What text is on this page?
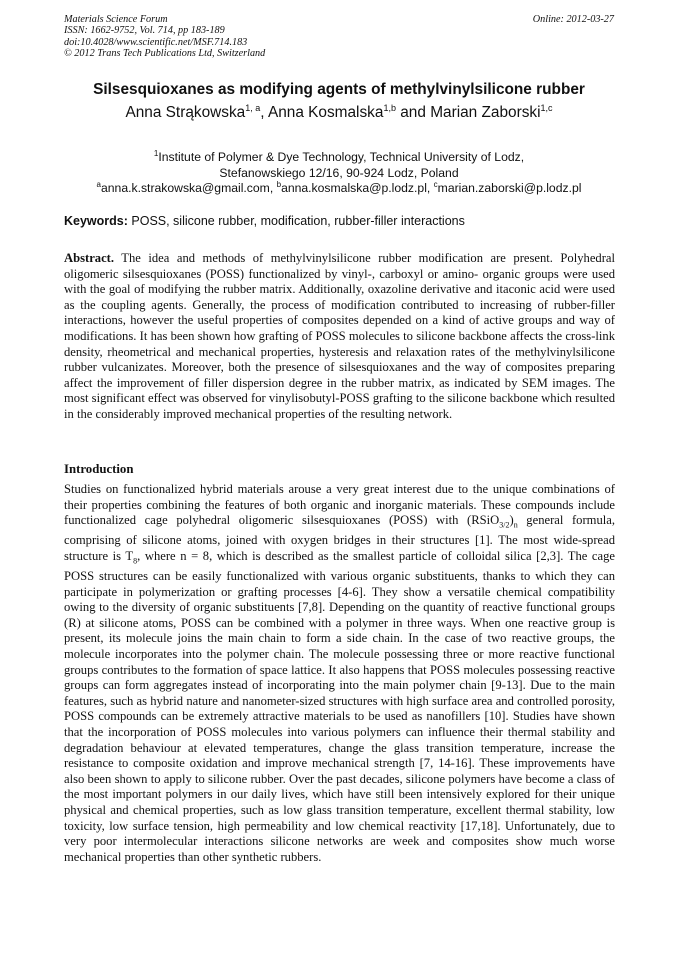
Materials Science Forum
ISSN: 1662-9752, Vol. 714, pp 183-189
doi:10.4028/www.scientific.net/MSF.714.183
© 2012 Trans Tech Publications Ltd, Switzerland
Online: 2012-03-27
Silsesquioxanes as modifying agents of methylvinylsilicone rubber
Anna Strąkowska$^{1, a}$, Anna Kosmalska$^{1,b}$ and Marian Zaborski$^{1,c}$
$^1$Institute of Polymer & Dye Technology, Technical University of Lodz,
Stefanowskiego 12/16, 90-924 Lodz, Poland
$^a$anna.k.strakowska@gmail.com, $^b$anna.kosmalska@p.lodz.pl, $^c$marian.zaborski@p.lodz.pl
Keywords: POSS, silicone rubber, modification, rubber-filler interactions
Abstract. The idea and methods of methylvinylsilicone rubber modification are present. Polyhedral oligomeric silsesquioxanes (POSS) functionalized by vinyl-, carboxyl or amino- organic groups were used with the goal of modifying the rubber matrix. Additionally, oxazoline derivative and itaconic acid were used as the coupling agents. Generally, the process of modification contributed to increasing of rubber-filler interactions, however the useful properties of composites depended on a kind of active groups and way of modifications. It has been shown how grafting of POSS molecules to silicone backbone affects the cross-link density, rheometrical and mechanical properties, hysteresis and relaxation rates of the methylvinylsilicone rubber vulcanizates. Moreover, both the presence of silsesquioxanes and the way of composites preparing affect the improvement of filler dispersion degree in the rubber matrix, as indicated by SEM images. The most significant effect was observed for vinylisobutyl-POSS grafting to the silicone backbone which resulted in the considerably improved mechanical properties of the resulting network.
Introduction
Studies on functionalized hybrid materials arouse a very great interest due to the unique combinations of their properties combining the features of both organic and inorganic materials. These compounds include functionalized cage polyhedral oligomeric silsesquioxanes (POSS) with $(RSiO_{3/2})_n$ general formula, comprising of silicone atoms, joined with oxygen bridges in their structures [1]. The most wide-spread structure is $T_8$, where n = 8, which is described as the smallest particle of colloidal silica [2,3]. The cage POSS structures can be easily functionalized with various organic substituents, thanks to which they can participate in polymerization or grafting processes [4-6]. They show a versatile chemical compatibility owing to the diversity of organic substituents [7,8]. Depending on the quantity of reactive functional groups (R) at silicone atoms, POSS can be combined with a polymer in three ways. When one reactive group is present, its molecule joins the main chain to form a side chain. In the case of two reactive groups, the molecule incorporates into the polymer chain. The molecule possessing three or more reactive functional groups contributes to the formation of space lattice. It also happens that POSS molecules possessing reactive groups can form aggregates instead of incorporating into the main polymer chain [9-13]. Due to the main features, such as hybrid nature and nanometer-sized structures with high surface area and controlled porosity, POSS compounds can be extremely attractive materials to be used as nanofillers [10]. Studies have shown that the incorporation of POSS molecules into various polymers can influence their thermal stability and degradation behaviour at elevated temperatures, change the glass transition temperature, increase the resistance to composite oxidation and improve mechanical strength [7, 14-16]. These improvements have also been shown to apply to silicone rubber. Over the past decades, silicone polymers have become a class of the most important polymers in our daily lives, which have still been intensively explored for their unique physical and chemical properties, such as low glass transition temperature, excellent thermal stability, low toxicity, low surface tension, high permeability and low chemical reactivity [17,18]. Unfortunately, due to very poor intermolecular interactions silicone networks are week and composites show much worse mechanical properties than other synthetic rubbers.
